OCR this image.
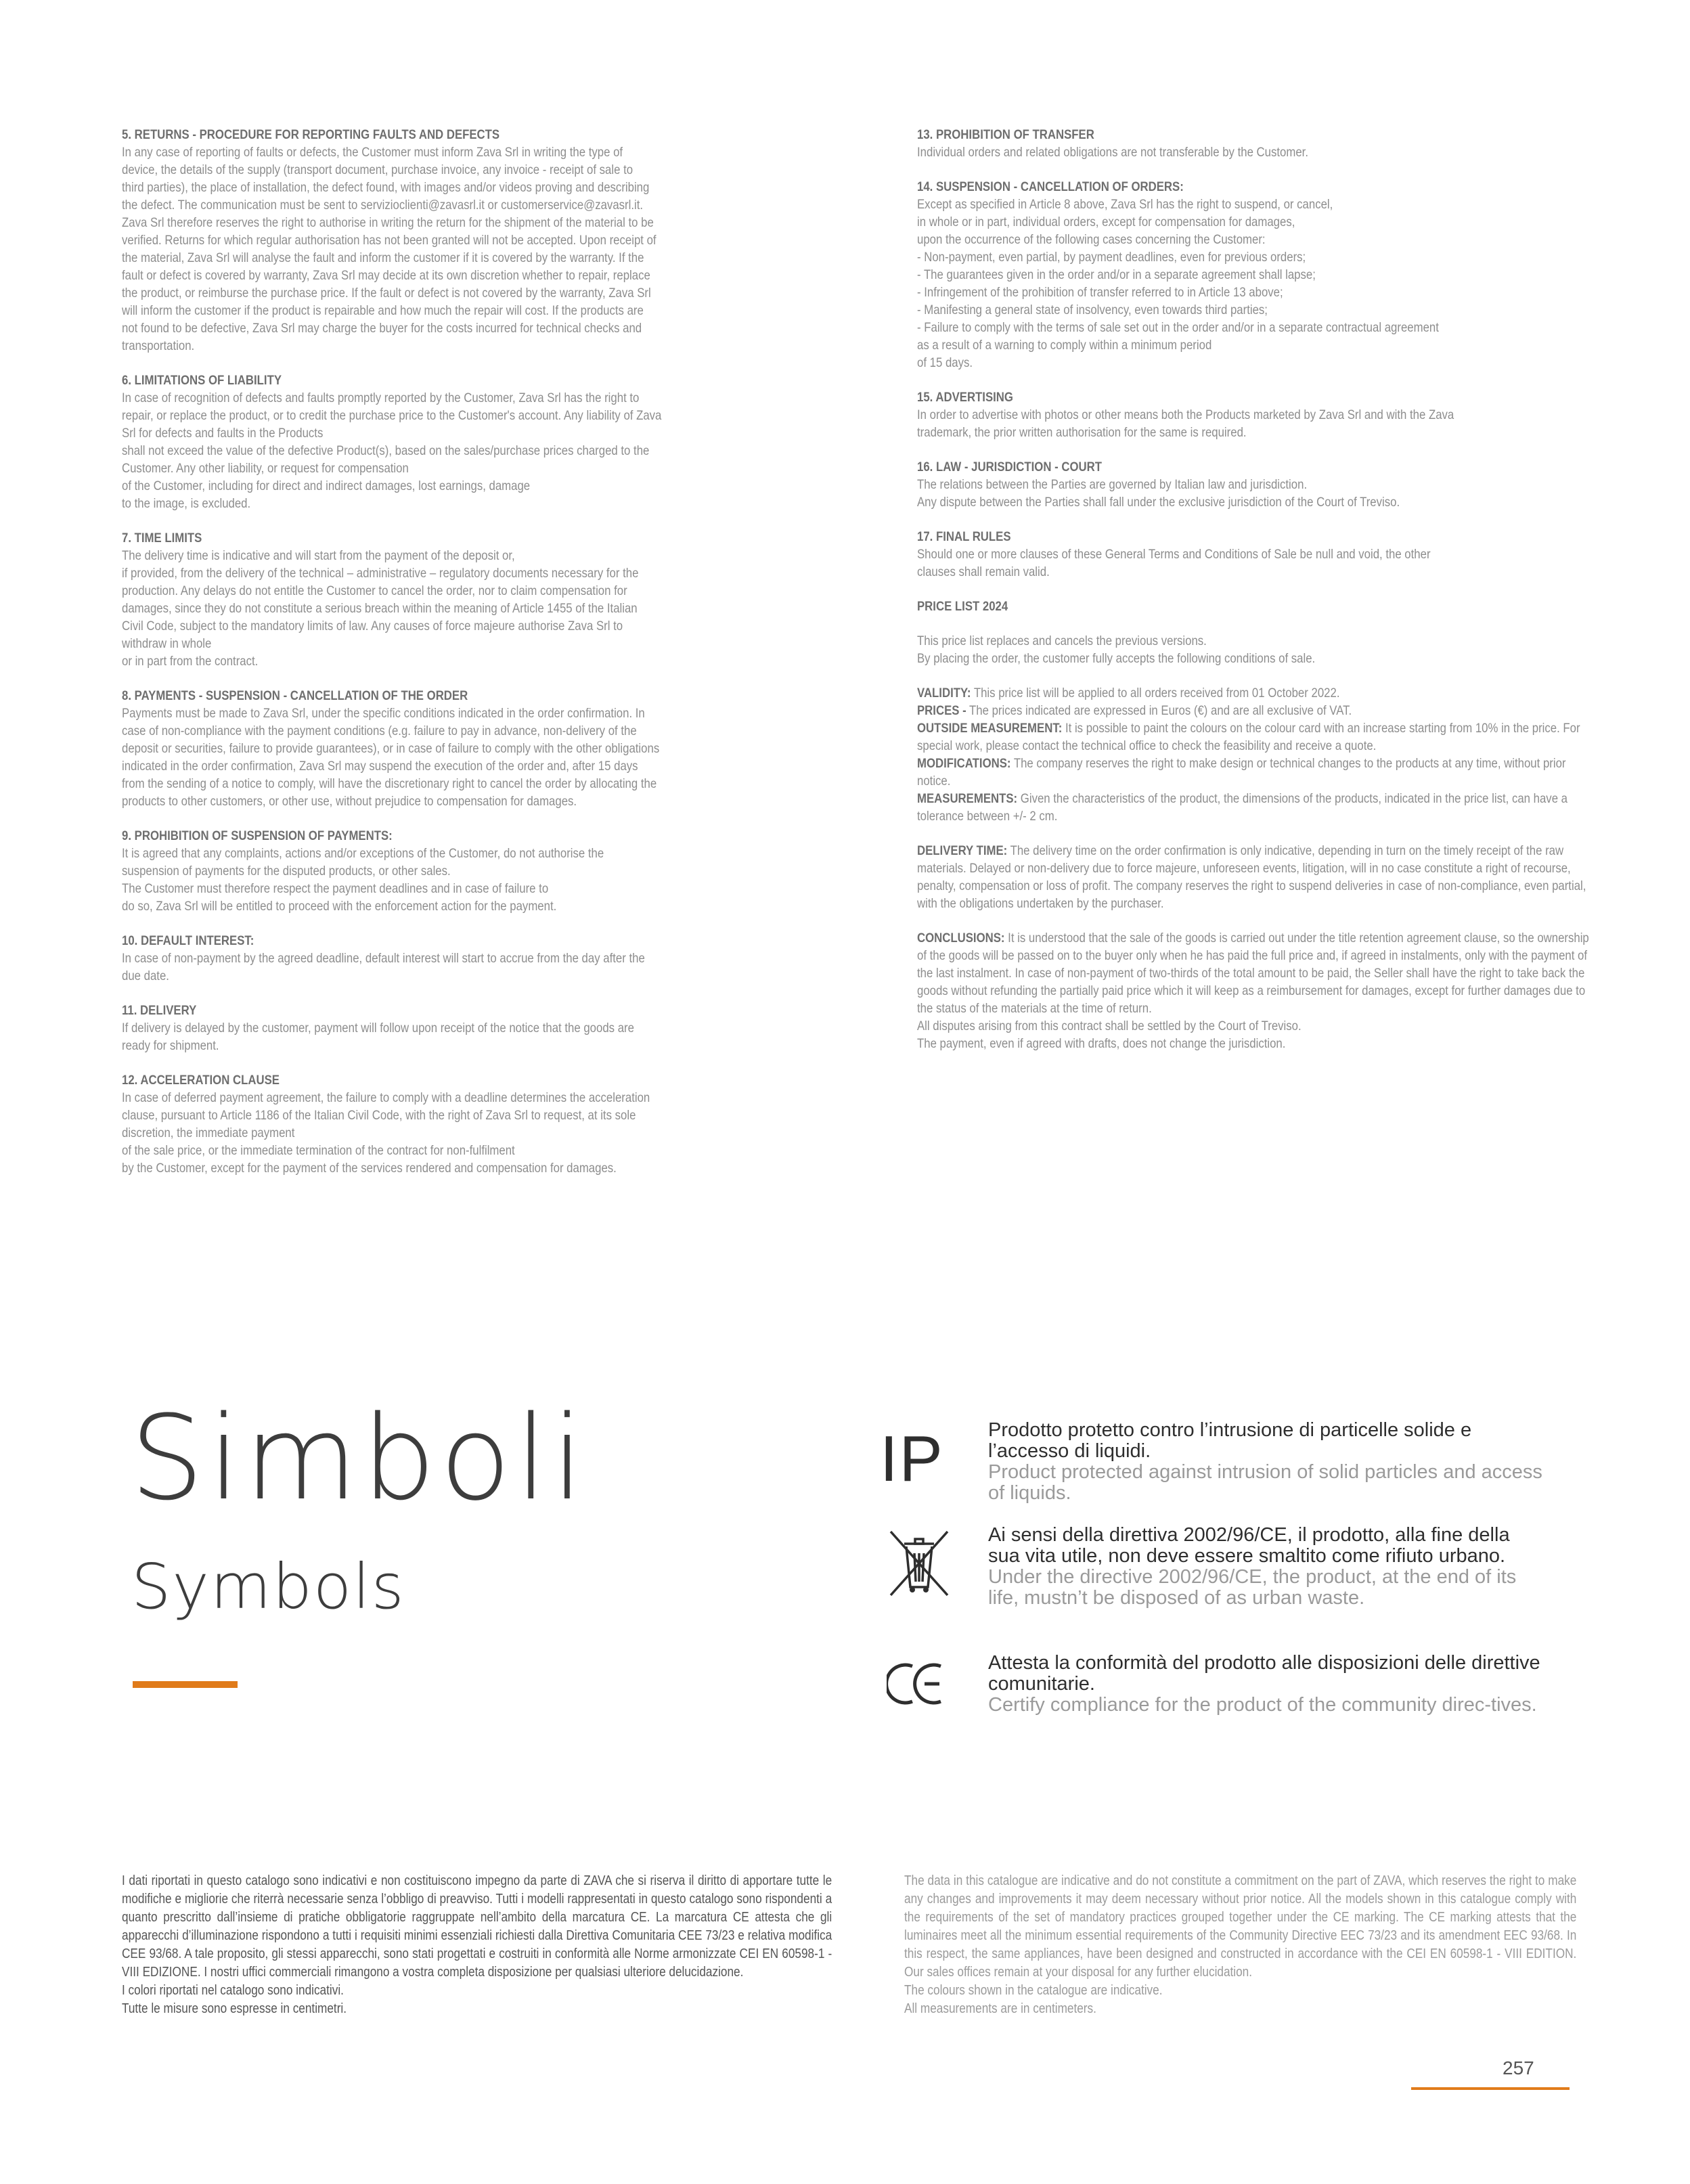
5. RETURNS - PROCEDURE FOR REPORTING FAULTS AND DEFECTS
In any case of reporting of faults or defects, the Customer must inform Zava Srl in writing the type of
device, the details of the supply (transport document, purchase invoice, any invoice - receipt of sale to
third parties), the place of installation, the defect found, with images and/or videos proving and describing
the defect. The communication must be sent to servizioclienti@zavasrl.it or customerservice@zavasrl.it.
Zava Srl therefore reserves the right to authorise in writing the return for the shipment of the material to be
verified. Returns for which regular authorisation has not been granted will not be accepted. Upon receipt of
the material, Zava Srl will analyse the fault and inform the customer if it is covered by the warranty. If the
fault or defect is covered by warranty, Zava Srl may decide at its own discretion whether to repair, replace
the product, or reimburse the purchase price. If the fault or defect is not covered by the warranty, Zava Srl
will inform the customer if the product is repairable and how much the repair will cost. If the products are
not found to be defective, Zava Srl may charge the buyer for the costs incurred for technical checks and
transportation.
6. LIMITATIONS OF LIABILITY
In case of recognition of defects and faults promptly reported by the Customer, Zava Srl has the right to
repair, or replace the product, or to credit the purchase price to the Customer's account. Any liability of Zava
Srl for defects and faults in the Products
shall not exceed the value of the defective Product(s), based on the sales/purchase prices charged to the
Customer. Any other liability, or request for compensation
of the Customer, including for direct and indirect damages, lost earnings, damage
to the image, is excluded.
7. TIME LIMITS
The delivery time is indicative and will start from the payment of the deposit or,
if provided, from the delivery of the technical – administrative – regulatory documents necessary for the
production. Any delays do not entitle the Customer to cancel the order, nor to claim compensation for
damages, since they do not constitute a serious breach within the meaning of Article 1455 of the Italian
Civil Code, subject to the mandatory limits of law. Any causes of force majeure authorise Zava Srl to
withdraw in whole
or in part from the contract.
8. PAYMENTS - SUSPENSION - CANCELLATION OF THE ORDER
Payments must be made to Zava Srl, under the specific conditions indicated in the order confirmation. In
case of non-compliance with the payment conditions (e.g. failure to pay in advance, non-delivery of the
deposit or securities, failure to provide guarantees), or in case of failure to comply with the other obligations
indicated in the order confirmation, Zava Srl may suspend the execution of the order and, after 15 days
from the sending of a notice to comply, will have the discretionary right to cancel the order by allocating the
products to other customers, or other use, without prejudice to compensation for damages.
9. PROHIBITION OF SUSPENSION OF PAYMENTS:
It is agreed that any complaints, actions and/or exceptions of the Customer, do not authorise the
suspension of payments for the disputed products, or other sales.
The Customer must therefore respect the payment deadlines and in case of failure to
do so, Zava Srl will be entitled to proceed with the enforcement action for the payment.
10. DEFAULT INTEREST:
In case of non-payment by the agreed deadline, default interest will start to accrue from the day after the
due date.
11. DELIVERY
If delivery is delayed by the customer, payment will follow upon receipt of the notice that the goods are
ready for shipment.
12. ACCELERATION CLAUSE
In case of deferred payment agreement, the failure to comply with a deadline determines the acceleration
clause, pursuant to Article 1186 of the Italian Civil Code, with the right of Zava Srl to request, at its sole
discretion, the immediate payment
of the sale price, or the immediate termination of the contract for non-fulfilment
by the Customer, except for the payment of the services rendered and compensation for damages.
13. PROHIBITION OF TRANSFER
Individual orders and related obligations are not transferable by the Customer.
14. SUSPENSION - CANCELLATION OF ORDERS:
Except as specified in Article 8 above, Zava Srl has the right to suspend, or cancel,
in whole or in part, individual orders, except for compensation for damages,
upon the occurrence of the following cases concerning the Customer:
- Non-payment, even partial, by payment deadlines, even for previous orders;
- The guarantees given in the order and/or in a separate agreement shall lapse;
- Infringement of the prohibition of transfer referred to in Article 13 above;
- Manifesting a general state of insolvency, even towards third parties;
- Failure to comply with the terms of sale set out in the order and/or in a separate contractual agreement
as a result of a warning to comply within a minimum period
of 15 days.
15. ADVERTISING
In order to advertise with photos or other means both the Products marketed by Zava Srl and with the Zava
trademark, the prior written authorisation for the same is required.
16. LAW - JURISDICTION - COURT
The relations between the Parties are governed by Italian law and jurisdiction.
Any dispute between the Parties shall fall under the exclusive jurisdiction of the Court of Treviso.
17. FINAL RULES
Should one or more clauses of these General Terms and Conditions of Sale be null and void, the other
clauses shall remain valid.
PRICE LIST 2024
This price list replaces and cancels the previous versions.
By placing the order, the customer fully accepts the following conditions of sale.
VALIDITY: This price list will be applied to all orders received from 01 October 2022.
PRICES - The prices indicated are expressed in Euros (€) and are all exclusive of VAT.
OUTSIDE MEASUREMENT: It is possible to paint the colours on the colour card with an increase starting from 10% in the price. For special work, please contact the technical office to check the feasibility and receive a quote.
MODIFICATIONS: The company reserves the right to make design or technical changes to the products at any time, without prior notice.
MEASUREMENTS: Given the characteristics of the product, the dimensions of the products, indicated in the price list, can have a tolerance between +/- 2 cm.
DELIVERY TIME: The delivery time on the order confirmation is only indicative, depending in turn on the timely receipt of the raw materials. Delayed or non-delivery due to force majeure, unforeseen events, litigation, will in no case constitute a right of recourse, penalty, compensation or loss of profit. The company reserves the right to suspend deliveries in case of non-compliance, even partial, with the obligations undertaken by the purchaser.
CONCLUSIONS: It is understood that the sale of the goods is carried out under the title retention agreement clause, so the ownership of the goods will be passed on to the buyer only when he has paid the full price and, if agreed in instalments, only with the payment of the last instalment. In case of non-payment of two-thirds of the total amount to be paid, the Seller shall have the right to take back the goods without refunding the partially paid price which it will keep as a reimbursement for damages, except for further damages due to the status of the materials at the time of return.
All disputes arising from this contract shall be settled by the Court of Treviso.
The payment, even if agreed with drafts, does not change the jurisdiction.
Simboli
Symbols
IP	Prodotto protetto contro l’intrusione di particelle solide e l’accesso di liquidi.
Product protected against intrusion of solid particles and access of liquids.
Ai sensi della direttiva 2002/96/CE, il prodotto, alla fine della sua vita utile, non deve essere smaltito come rifiuto urbano.
Under the directive 2002/96/CE, the product, at the end of its life, mustn’t be disposed of as urban waste.
Attesta la conformità del prodotto alle disposizioni delle direttive comunitarie.
Certify compliance for the product of the community direc-tives.
I dati riportati in questo catalogo sono indicativi e non costituiscono impegno da parte di ZAVA che si riserva il diritto di apportare tutte le modifiche e migliorie che riterrà necessarie senza l’obbligo di preavviso. Tutti i modelli rappresentati in questo catalogo sono rispondenti a quanto prescritto dall’insieme di pratiche obbligatorie raggruppate nell’ambito della marcatura CE. La marcatura CE attesta che gli apparecchi d’illuminazione rispondono a tutti i requisiti minimi essenziali richiesti dalla Direttiva Comunitaria CEE 73/23 e relativa modifica CEE 93/68. A tale proposito, gli stessi apparecchi, sono stati progettati e costruiti in conformità alle Norme armonizzate CEI EN 60598-1 - VIII EDIZIONE. I nostri uffici commerciali rimangono a vostra completa disposizione per qualsiasi ulteriore delucidazione.
I colori riportati nel catalogo sono indicativi.
Tutte le misure sono espresse in centimetri.
The data in this catalogue are indicative and do not constitute a commitment on the part of ZAVA, which reserves the right to make any changes and improvements it may deem necessary without prior notice. All the models shown in this catalogue comply with the requirements of the set of mandatory practices grouped together under the CE marking. The CE marking attests that the luminaires meet all the minimum essential requirements of the Community Directive EEC 73/23 and its amendment EEC 93/68. In this respect, the same appliances, have been designed and constructed in accordance with the CEI EN 60598-1 - VIII EDITION. Our sales offices remain at your disposal for any further elucidation.
The colours shown in the catalogue are indicative.
All measurements are in centimeters.
257
